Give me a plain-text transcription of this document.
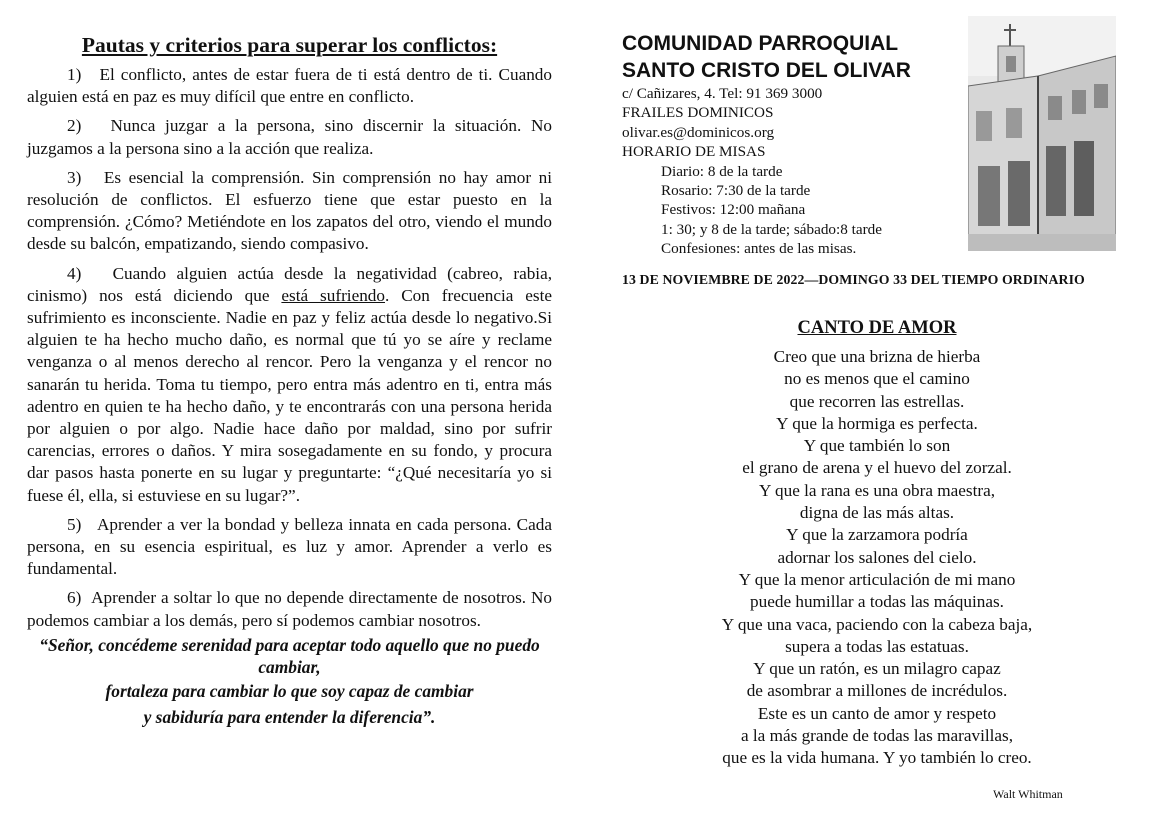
Pautas y criterios para superar los conflictos:

1) El conflicto, antes de estar fuera de ti está dentro de ti. Cuando alguien está en paz es muy difícil que entre en conflicto.

2) Nunca juzgar a la persona, sino discernir la situación. No juzgamos a la persona sino a la acción que realiza.

3) Es esencial la comprensión. Sin comprensión no hay amor ni resolución de conflictos. El esfuerzo tiene que estar puesto en la comprensión. ¿Cómo? Metiéndote en los zapatos del otro, viendo el mundo desde su balcón, empatizando, siendo compasivo.

4) Cuando alguien actúa desde la negatividad (cabreo, rabia, cinismo) nos está diciendo que está sufriendo. Con frecuencia este sufrimiento es inconsciente. Nadie en paz y feliz actúa desde lo negativo.Si alguien te ha hecho mucho daño, es normal que tú yo se aíre y reclame venganza o al menos derecho al rencor. Pero la venganza y el rencor no sanarán tu herida. Toma tu tiempo, pero entra más adentro en ti, entra más adentro en quien te ha hecho daño, y te encontrarás con una persona herida por alguien o por algo. Nadie hace daño por maldad, sino por sufrir carencias, errores o daños. Y mira sosegadamente en su fondo, y procura dar pasos hasta ponerte en su lugar y preguntarte: “¿Qué necesitaría yo si fuese él, ella, si estuviese en su lugar?”.

5) Aprender a ver la bondad y belleza innata en cada persona. Cada persona, en su esencia espiritual, es luz y amor. Aprender a verlo es fundamental.

6) Aprender a soltar lo que no depende directamente de nosotros. No podemos cambiar a los demás, pero sí podemos cambiar nosotros.

“Señor, concédeme serenidad para aceptar todo aquello que no puedo cambiar,
fortaleza para cambiar lo que soy capaz de cambiar
y sabiduría para entender la diferencia”.
COMUNIDAD PARROQUIAL
SANTO CRISTO DEL OLIVAR
c/ Cañizares, 4. Tel: 91 369 3000
FRAILES DOMINICOS
olivar.es@dominicos.org
HORARIO DE MISAS
Diario: 8 de la tarde
Rosario: 7:30 de la tarde
Festivos: 12:00 mañana
1: 30; y 8 de la tarde; sábado:8 tarde
Confesiones: antes de las misas.
13 DE NOVIEMBRE DE 2022—DOMINGO 33 DEL TIEMPO ORDINARIO
CANTO DE AMOR
Creo que una brizna de hierba
no es menos que el camino
que recorren las estrellas.
Y que la hormiga es perfecta.
Y que también lo son
el grano de arena y el huevo del zorzal.
Y que la rana es una obra maestra,
digna de las más altas.
Y que la zarzamora podría
adornar los salones del cielo.
Y que la menor articulación de mi mano
puede humillar a todas las máquinas.
Y que una vaca, paciendo con la cabeza baja,
supera a todas las estatuas.
Y que un ratón, es un milagro capaz
de asombrar a millones de incrédulos.
Este es un canto de amor y respeto
a la más grande de todas las maravillas,
que es la vida humana. Y yo también lo creo.
Walt Whitman
